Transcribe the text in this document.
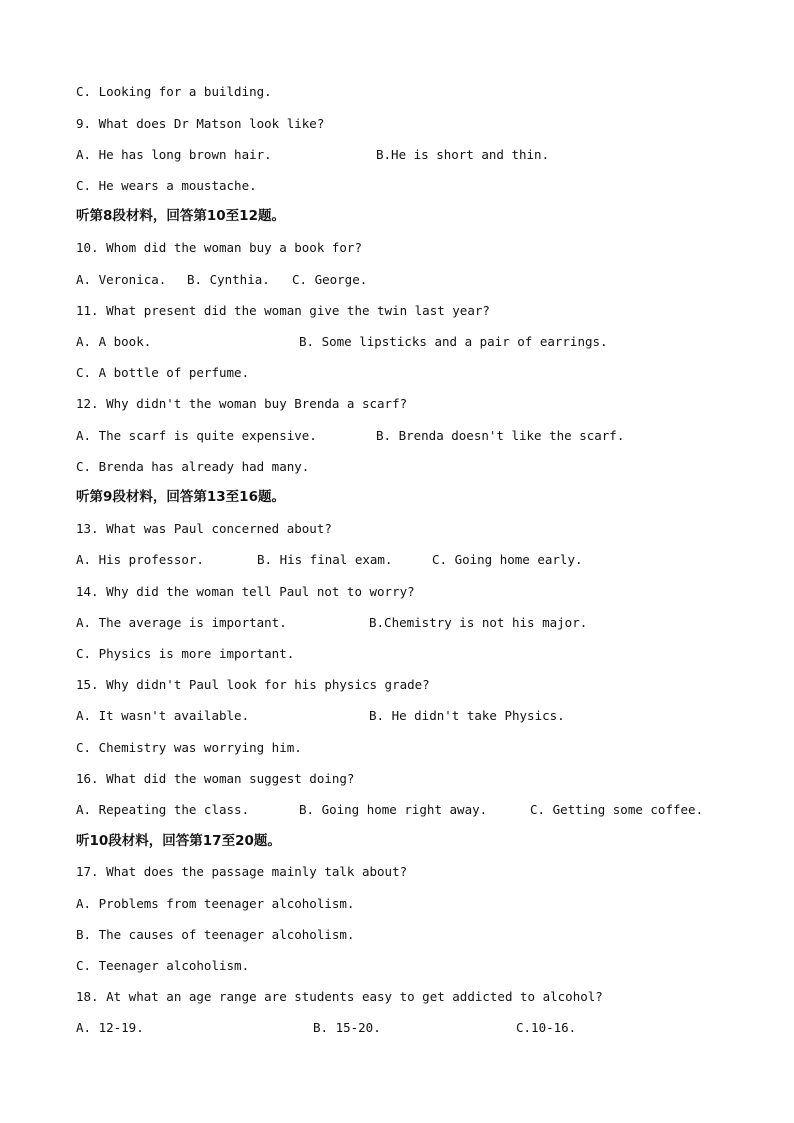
C. Looking for a building.
9. What does Dr Matson look like?
A. He has long brown hair.	B.He is short and thin.
C. He wears a moustache.
听第8段材料，回答第10至12题。
10. Whom did the woman buy a book for?
A. Veronica. B. Cynthia. C. George.
11. What present did the woman give the twin last year?
A. A book.	B. Some lipsticks and a pair of earrings.
C. A bottle of perfume.
12. Why didn't the woman buy Brenda a scarf?
A. The scarf is quite expensive.	B. Brenda doesn't like the scarf.
C. Brenda has already had many.
听第9段材料，回答第13至16题。
13. What was Paul concerned about?
A. His professor.	B. His final exam.	C. Going home early.
14. Why did the woman tell Paul not to worry?
A. The average is important.	B.Chemistry is not his major.
C. Physics is more important.
15. Why didn't Paul look for his physics grade?
A. It wasn't available.	B. He didn't take Physics.
C. Chemistry was worrying him.
16. What did the woman suggest doing?
A. Repeating the class.	B. Going home right away.	C. Getting some coffee.
听10段材料，回答第17至20题。
17. What does the passage mainly talk about?
A. Problems from teenager alcoholism.
B. The causes of teenager alcoholism.
C. Teenager alcoholism.
18. At what an age range are students easy to get addicted to alcohol?
A. 12-19.	B. 15-20.	C.10-16.
